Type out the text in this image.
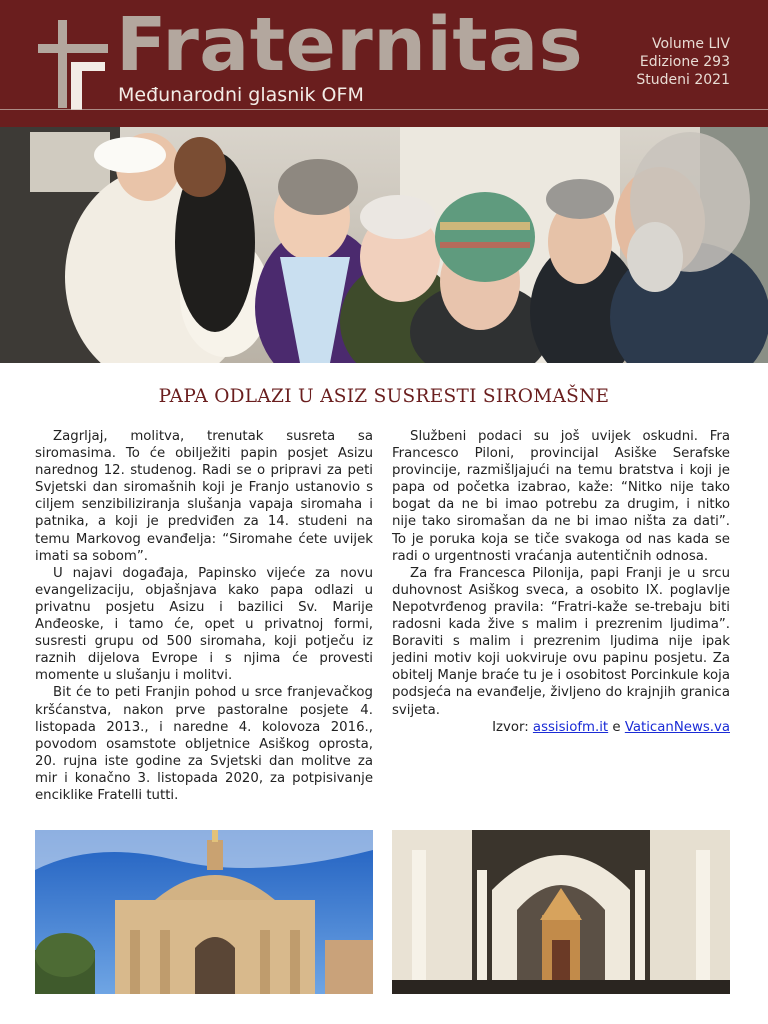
Fraternitas
Međunarodni glasnik OFM
Volume LIV
Edizione 293
Studeni 2021
PAPA ODLAZI U ASIZ SUSRESTI SIROMAŠNE

Zagrljaj, molitva, trenutak susreta sa siromasima. To će obilježiti papin posjet Asizu narednog 12. studenog. Radi se o pripravi za peti Svjetski dan siromašnih koji je Franjo ustanovio s ciljem senzibiliziranja slušanja vapaja siromaha i patnika, a koji je predviđen za 14. studeni na temu Markovog evanđelja: “Siromahe ćete uvijek imati sa sobom”.

U najavi događaja, Papinsko vijeće za novu evangelizaciju, objašnjava kako papa odlazi u privatnu posjetu Asizu i bazilici Sv. Marije Anđeoske, i tamo će, opet u privatnoj formi, susresti grupu od 500 siromaha, koji potječu iz raznih dijelova Evrope i s njima će provesti momente u slušanju i molitvi.

Bit će to peti Franjin pohod u srce franjevačkog kršćanstva, nakon prve pastoralne posjete 4. listopada 2013., i naredne 4. kolovoza 2016., povodom osamstote obljetnice Asiškog oprosta, 20. rujna iste godine za Svjetski dan molitve za mir i konačno 3. listopada 2020, za potpisivanje enciklike Fratelli tutti.

Službeni podaci su još uvijek oskudni. Fra Francesco Piloni, provincijal Asiške Serafske provincije, razmišljajući na temu bratstva i koji je papa od početka izabrao, kaže: “Nitko nije tako bogat da ne bi imao potrebu za drugim, i nitko nije tako siromašan da ne bi imao ništa za dati”. To je poruka koja se tiče svakoga od nas kada se radi o urgentnosti vraćanja autentičnih odnosa.

Za fra Francesca Pilonija, papi Franji je u srcu duhovnost Asiškog sveca, a osobito IX. poglavlje Nepotvrđenog pravila: “Fratri-kaže se-trebaju biti radosni kada žive s malim i prezrenim ljudima”. Boraviti s malim i prezrenim ljudima nije ipak jedini motiv koji uokviruje ovu papinu posjetu. Za obitelj Manje braće tu je i osobitost Porcinkule koja podsjeća na evanđelje, življeno do krajnjih granica svijeta.

Izvor: assisiofm.it e VaticanNews.va
